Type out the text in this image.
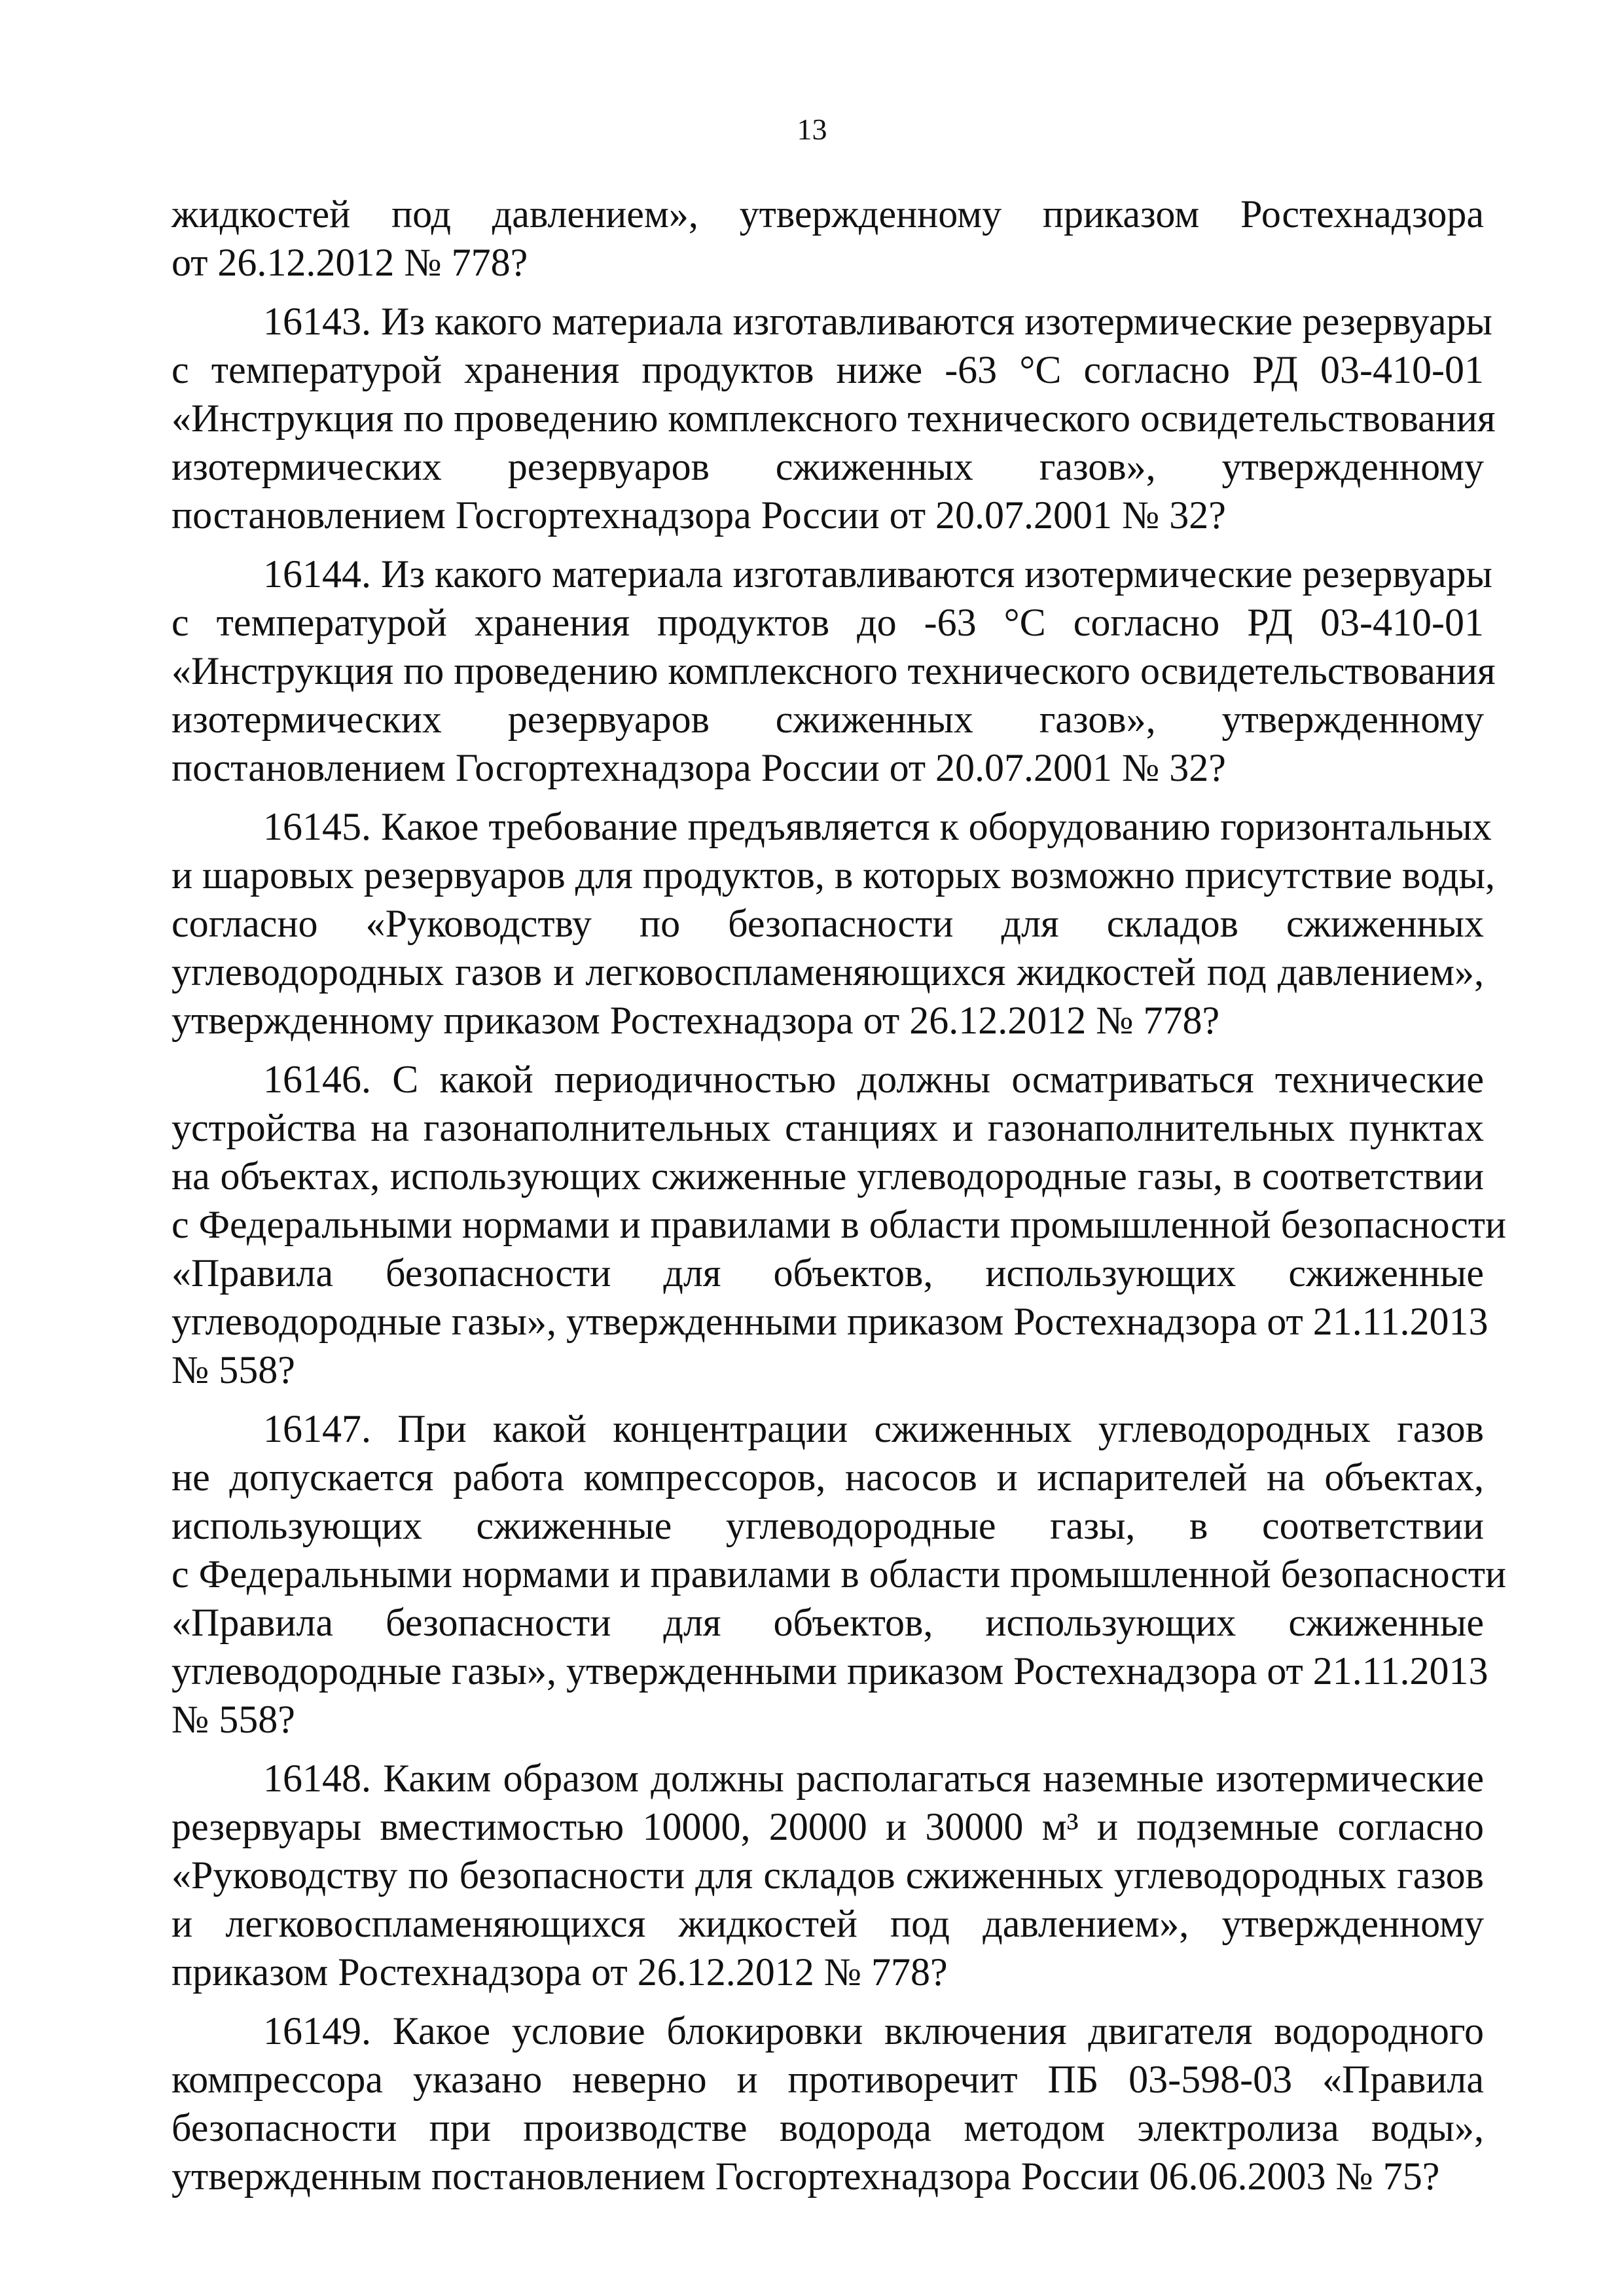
13

жидкостей под давлением», утвержденному приказом Ростехнадзора
от 26.12.2012 № 778?

16143. Из какого материала изготавливаются изотермические резервуары
с температурой хранения продуктов ниже -63 °С согласно РД 03-410-01
«Инструкция по проведению комплексного технического освидетельствования
изотермических резервуаров сжиженных газов», утвержденному
постановлением Госгортехнадзора России от 20.07.2001 № 32?

16144. Из какого материала изготавливаются изотермические резервуары
с температурой хранения продуктов до -63 °С согласно РД 03-410-01
«Инструкция по проведению комплексного технического освидетельствования
изотермических резервуаров сжиженных газов», утвержденному
постановлением Госгортехнадзора России от 20.07.2001 № 32?

16145. Какое требование предъявляется к оборудованию горизонтальных
и шаровых резервуаров для продуктов, в которых возможно присутствие воды,
согласно «Руководству по безопасности для складов сжиженных
углеводородных газов и легковоспламеняющихся жидкостей под давлением»,
утвержденному приказом Ростехнадзора от 26.12.2012 № 778?

16146. С какой периодичностью должны осматриваться технические
устройства на газонаполнительных станциях и газонаполнительных пунктах
на объектах, использующих сжиженные углеводородные газы, в соответствии
с Федеральными нормами и правилами в области промышленной безопасности
«Правила безопасности для объектов, использующих сжиженные
углеводородные газы», утвержденными приказом Ростехнадзора от 21.11.2013
№ 558?

16147. При какой концентрации сжиженных углеводородных газов
не допускается работа компрессоров, насосов и испарителей на объектах,
использующих сжиженные углеводородные газы, в соответствии
с Федеральными нормами и правилами в области промышленной безопасности
«Правила безопасности для объектов, использующих сжиженные
углеводородные газы», утвержденными приказом Ростехнадзора от 21.11.2013
№ 558?

16148. Каким образом должны располагаться наземные изотермические
резервуары вместимостью 10000, 20000 и 30000 м³ и подземные согласно
«Руководству по безопасности для складов сжиженных углеводородных газов
и легковоспламеняющихся жидкостей под давлением», утвержденному
приказом Ростехнадзора от 26.12.2012 № 778?

16149. Какое условие блокировки включения двигателя водородного
компрессора указано неверно и противоречит ПБ 03-598-03 «Правила
безопасности при производстве водорода методом электролиза воды»,
утвержденным постановлением Госгортехнадзора России 06.06.2003 № 75?
